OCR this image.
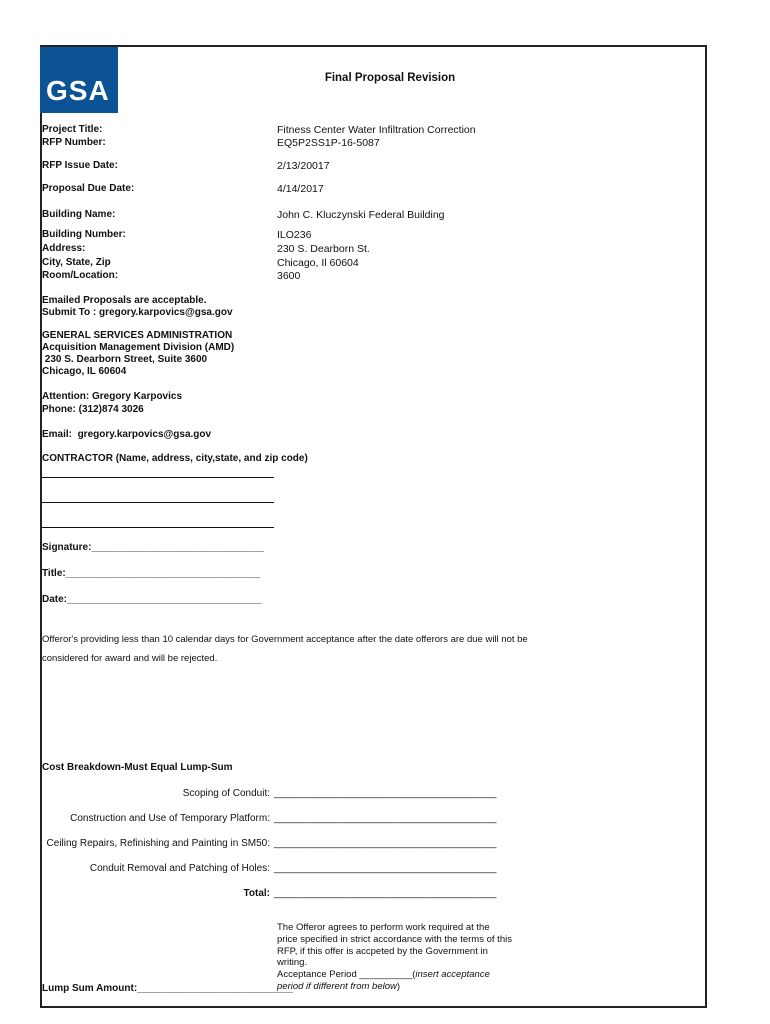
GSA	Final Proposal Revision
Project Title:	Fitness Center Water Infiltration Correction
RFP Number:	EQ5P2SS1P-16-5087
RFP Issue Date:	2/13/20017
Proposal Due Date:	4/14/2017
Building Name:	John C. Kluczynski Federal Building
Building Number:	ILO236
Address:	230 S. Dearborn St.
City, State, Zip	Chicago, Il 60604
Room/Location:	3600
Emailed Proposals are acceptable.
Submit To : gregory.karpovics@gsa.gov
GENERAL SERVICES ADMINISTRATION
Acquisition Management Division (AMD)
230 S. Dearborn Street, Suite 3600
Chicago, IL 60604
Attention: Gregory Karpovics
Phone: (312)874 3026
Email:  gregory.karpovics@gsa.gov
CONTRACTOR (Name, address, city,state, and zip code)
Signature:_______________________________
Title:___________________________________
Date:___________________________________
Offeror's providing less than 10 calendar days for Government acceptance after the date offerors are due will not be
considered for award and will be rejected.
Cost Breakdown-Must Equal Lump-Sum
Scoping of Conduit: ________________________________________
Construction and Use of Temporary Platform: ________________________________________
Ceiling Repairs, Refinishing and Painting in SM50: ________________________________________
Conduit Removal and Patching of Holes: ________________________________________
Total: ________________________________________
The Offeror agrees to perform work required at the
price specified in strict accordance with the terms of this
RFP, if this offer is accpeted by the Government in
writing.
Acceptance Period __________(insert acceptance
period if different from below)
Lump Sum Amount:____________________________
